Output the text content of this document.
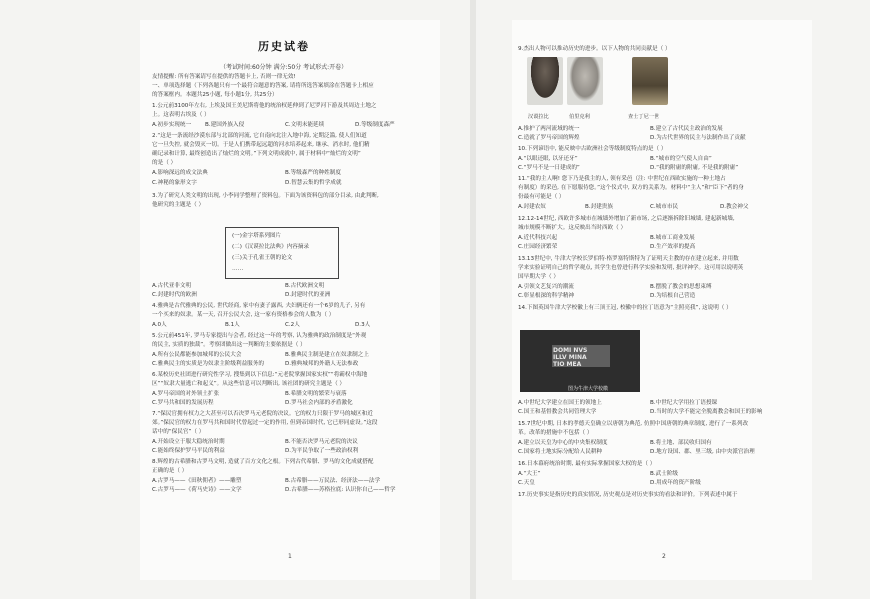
历史试卷
（考试时间:60分钟 满分:50分 考试形式:开卷）
友情提醒: 所有答案请写在提供的答题卡上, 否则一律无效!
一、单项选择题（下列各题只有一个最符合题意的答案, 请将所选答案填涂在答题卡上相应
的答案框内。本题共25小题, 每小题1分, 共25分）
1.公元前3100年左右, 上埃及国王美尼斯将他的统治权延伸到了尼罗河下游及其周边土地之
上。这表明古埃及（ ）
A.初步实现统一 B.建国外族入侵	C.文明未能延续	D.等级制度森严
2.“这是一条流经沙漠东部与北部的河流, 它自南向北注入地中海, 定期泛滥, 使人们知道
它一旦失控, 就会毁灭一切。于是人们携带起远超的河水培养起来, 继承、消水时, 他们精
确记录和计算, 最终创造出了灿烂的文明。”下列文明成就中, 属于材料中“灿烂的文明”
的是（ ）
A.影响深远的成文法典	B.等级森严的种姓制度
C.神秘的象形文字	D.智慧云集的哲学成就
3.为了研究人类文明的出现, 小李同学整理了资料包。下面为该资料包的部分目录, 由此判断,
他研究的主题是（ ）
(一)金字塔系列图片
(二)《汉谟拉比法典》内容摘录
(三)关于孔雀王朝的论文
……
A.古代亚非文明	B.古代欧洲文明
C.封建时代的欧洲	D.封建时代的亚洲
4.雅典是古代雅典的公民, 世代经商, 家中有妻子露西, 夫妇俩还有一个6岁的儿子, 另有
一个买来的奴隶。某一天, 召开公民大会, 这一家有资格参会的人数为（ ）
A.0人	B.1人	C.2人	D.3人
5.公元前451年, 罗马专家提出与会者, 经过这一年的考察, 认为雅典的政治制度是“外观
的民主, 实质的独裁”。考察团做出这一判断的主要依据是（ ）
A.所有公民都能参加城邦的公民大会	B.雅典民主制是建立在奴隶制之上
C.雅典民主的实质是为奴隶主阶级利益服务的	D.雅典城邦的外籍人无法参政
6.某校历史社团进行研究性学习, 搜集到以下信息:“元老院掌握国家实权”“将霸权中海地
区”“奴隶大量逃亡和起义”。从这些信息可以判断出, 该社团的研究主题是（ ）
A.罗马帝国的对外领土扩张	B.希腊文明的繁荣与衰落
C.罗马共和国的发展历程	D.罗马社会内部的矛盾激化
7.“保民官拥有权力之大甚至可以否决罗马元老院的决议。它的权力只限于罗马的城区和近
郊。”保民官的权力在罗马共和国时代曾起过一定的作用, 但到帝国时代, 它已形同虚设。”这段
话中的“保民官”（ ）
A.开始设立于服大稳统治时期	B.不能否决罗马元老院的决议
C.能始终保护罗马平民的利益	D.为平民争取了一些政治权利
8.辉煌的古希腊和古罗马文明, 造就了百方文化之根。下列古代希腊、罗马的文化成就搭配
正确的是（ ）
A.古罗马——《田秋佣者》——雕塑	B.古希腊——万民法、经济法——法学
C.古罗马——《荷马史诗》——文学	D.古希腊——苏格拉底: 认识你自己——哲学
1
9.杰出人物可以推动历史的进步。以下人物的共同贡献是（ ）
汉谟拉比	伯里克利	查士丁尼一世
A.推护了两河流域的统一	B.建立了古代民主政治的发展
C.造就了罗马帝国的辉煌	D.为古代世界的民主与法制作出了贡献
10.下列谚语中, 能反映中古欧洲社会等级制度特点的是（ ）
A.“以眼还眼, 以牙还牙”	B.“城市的空气使人自由”
C.“罗马不是一日建成的”	D.“我的附庸的附庸, 不是我的附庸”
11.“我的主人啊! 您下乃是我主的人, 领有采邑（注: 中世纪在西欧实施的一种土地占
有制度）的采邑, 在下愿服侍您。”这个仪式中, 双方的关系为。材料中“主人”和“臣下”者的身
份最有可能是（ ）
A.封建农奴	B.封建贵族	C.城市市民	D.教会神父
12.12-14世纪, 西欧许多城市在城墙外增加了新市场, 之后逐渐拆除旧城墙, 建起新城墙,
城市规模不断扩大。这反映出当时西欧（ ）
A.近代科技兴起	B.城市工商业发展
C.庄园经济繁荣	D.生产效率的提高
13.13世纪中, 牛津大学校长罗伯特·格罗塞特斯特为了证明天主教的存在建立起来, 并用数
学来实验证明自己的哲学观点, 其学生也曾进行科学实验和发明, 批评神学。这可用以说明英
国早期大学（ ）
A.引领文艺复兴的潮流	B.摆脱了教会的思想束缚
C.彰显根深的科学精神	D.为培根自己营造
14.下图英国牛津大学校徽上有三顶王冠, 校徽中的拉丁语意为“主照亮我”, 这说明（ ）
DOMI NVS
ILLV MINA
TIO MEA
图为牛津大学校徽
A.中世纪大学建立在国王的领地上	B.中世纪大学用拉丁语授课
C.国王和基督教会共同管理大学	D.当时的大学不能完全脱离教会和国王的影响
15.7世纪中期, 日本的孝德天皇确立以唐朝为典范, 仿照中国唐朝的典章制度, 进行了一系列改
革。改革的措施中不包括（ ）
A.建立以天皇为中心的中央集权制度	B.将土地、部民收归国有
C.国家将土地实际分配给人民耕种	D.地方设国、郡、里三级, 由中央派官治理
16.日本幕府统治时期, 最有实际掌握国家大权的是（ ）
A.“大王”	B.武士阶级
C.天皇	D.用成年的资产阶级
17.历史事实是指历史的真实情况, 历史观点是对历史事实的看法和评价。下列表述中属于
2
